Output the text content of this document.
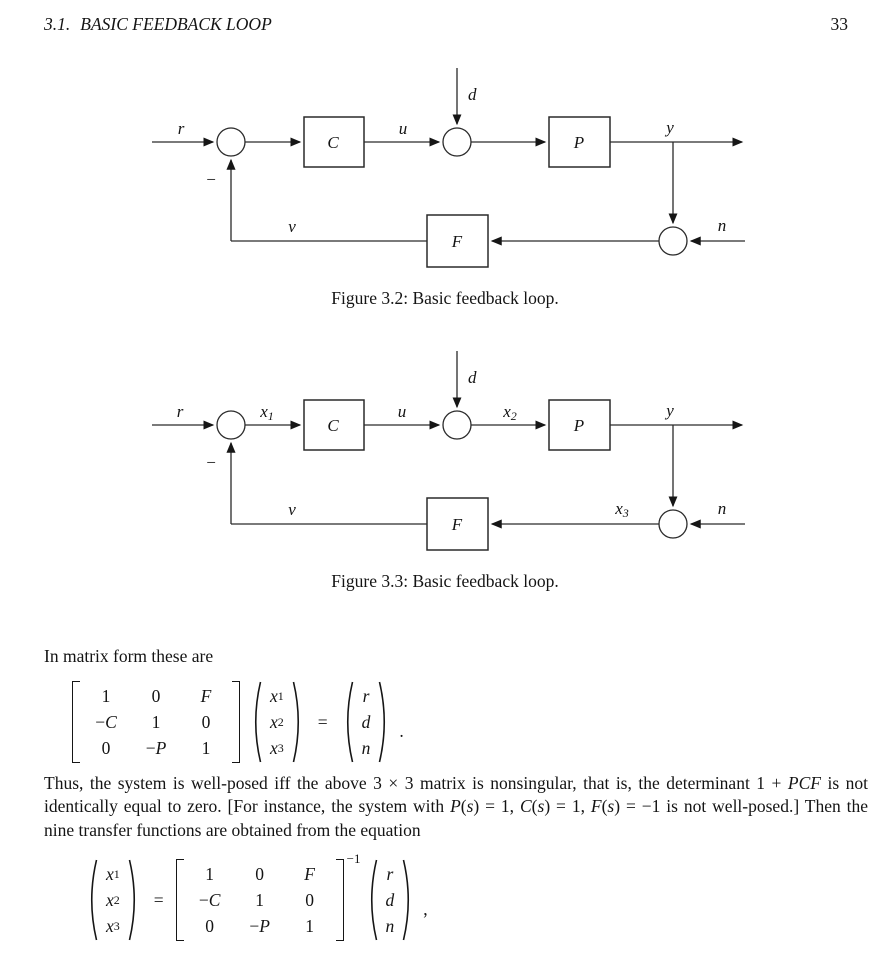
3.1. BASIC FEEDBACK LOOP	33
r	u
d
y
n
v
−
C	P
F
Figure 3.2: Basic feedback loop.
r	x1	u
d
x2	y
x3	n
v
−
C	P
F
Figure 3.3: Basic feedback loop.
In matrix form these are
1 0 F
− C 1 0
0 − P 1
x 1
x 2
x 3
=
r
d
n
.
Thus, the system is well-posed iff the above 3 × 3 matrix is nonsingular, that is, the determinant 1 + PCF is not identically equal to zero. [For instance, the system with P(s) = 1, C(s) = 1, F(s) = −1 is not well-posed.] Then the nine transfer functions are obtained from the equation
x 1
x 2
x 3
=
1 0 F
− C 1 0
0 − P 1
−1
r
d
n
,
